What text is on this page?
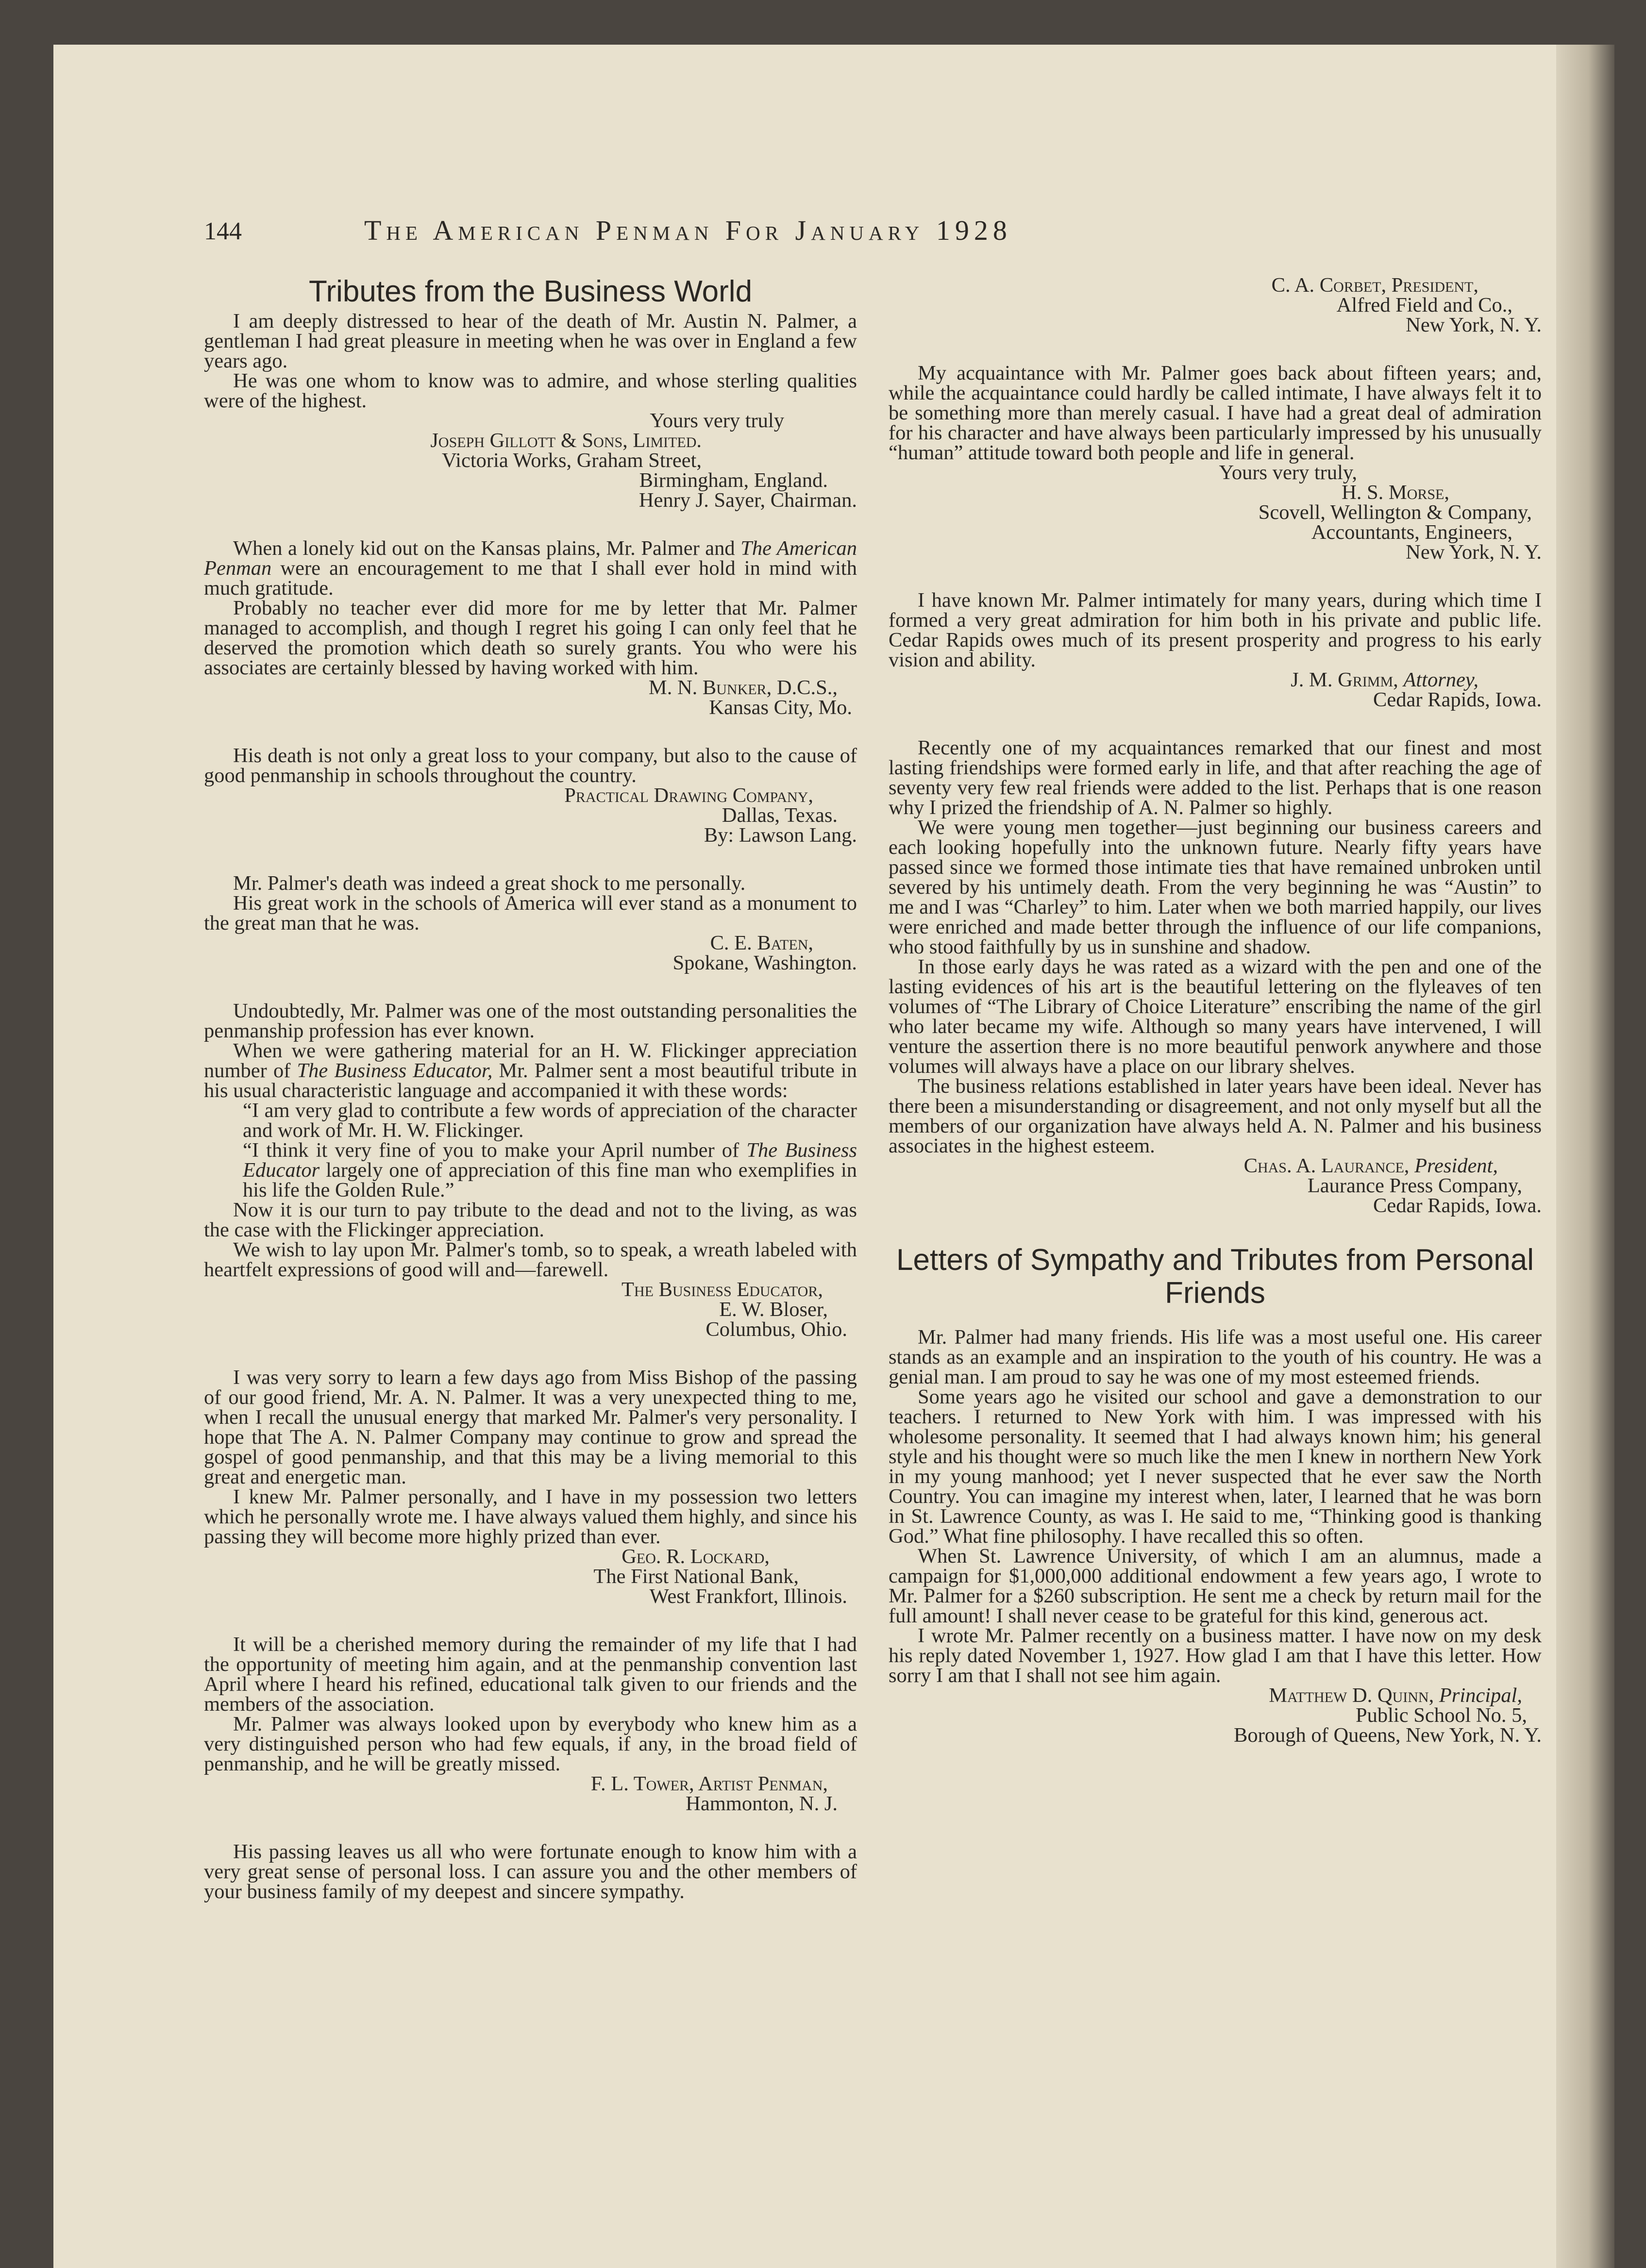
144	The American Penman For January 1928
Tributes from the Business World

I am deeply distressed to hear of the death of Mr. Austin N. Palmer, a gentleman I had great pleasure in meeting when he was over in England a few years ago.

He was one whom to know was to admire, and whose sterling qualities were of the highest.

Yours very truly

Joseph Gillott & Sons, Limited.

Victoria Works, Graham Street,

Birmingham, England.

Henry J. Sayer, Chairman.

When a lonely kid out on the Kansas plains, Mr. Palmer and The American Penman were an encouragement to me that I shall ever hold in mind with much gratitude.

Probably no teacher ever did more for me by letter that Mr. Palmer managed to accomplish, and though I regret his going I can only feel that he deserved the promotion which death so surely grants. You who were his associates are certainly blessed by having worked with him.

M. N. Bunker, D.C.S.,

Kansas City, Mo.

His death is not only a great loss to your company, but also to the cause of good penmanship in schools throughout the country.

Practical Drawing Company,

Dallas, Texas.

By: Lawson Lang.

Mr. Palmer's death was indeed a great shock to me personally.

His great work in the schools of America will ever stand as a monument to the great man that he was.

C. E. Baten,

Spokane, Washington.

Undoubtedly, Mr. Palmer was one of the most outstanding personalities the penmanship profession has ever known.

When we were gathering material for an H. W. Flickinger appreciation number of The Business Educator, Mr. Palmer sent a most beautiful tribute in his usual characteristic language and accompanied it with these words:

“I am very glad to contribute a few words of appreciation of the character and work of Mr. H. W. Flickinger.

“I think it very fine of you to make your April number of The Business Educator largely one of appreciation of this fine man who exemplifies in his life the Golden Rule.”

Now it is our turn to pay tribute to the dead and not to the living, as was the case with the Flickinger appreciation.

We wish to lay upon Mr. Palmer's tomb, so to speak, a wreath labeled with heartfelt expressions of good will and—farewell.

The Business Educator,

E. W. Bloser,

Columbus, Ohio.

I was very sorry to learn a few days ago from Miss Bishop of the passing of our good friend, Mr. A. N. Palmer. It was a very unexpected thing to me, when I recall the unusual energy that marked Mr. Palmer's very personality. I hope that The A. N. Palmer Company may continue to grow and spread the gospel of good penmanship, and that this may be a living memorial to this great and energetic man.

I knew Mr. Palmer personally, and I have in my possession two letters which he personally wrote me. I have always valued them highly, and since his passing they will become more highly prized than ever.

Geo. R. Lockard,

The First National Bank,

West Frankfort, Illinois.

It will be a cherished memory during the remainder of my life that I had the opportunity of meeting him again, and at the penmanship convention last April where I heard his refined, educational talk given to our friends and the members of the association.

Mr. Palmer was always looked upon by everybody who knew him as a very distinguished person who had few equals, if any, in the broad field of penmanship, and he will be greatly missed.

F. L. Tower, Artist Penman,

Hammonton, N. J.

His passing leaves us all who were fortunate enough to know him with a very great sense of personal loss. I can assure you and the other members of your business family of my deepest and sincere sympathy.

C. A. Corbet, President,

Alfred Field and Co.,

New York, N. Y.

My acquaintance with Mr. Palmer goes back about fifteen years; and, while the acquaintance could hardly be called intimate, I have always felt it to be something more than merely casual. I have had a great deal of admiration for his character and have always been particularly impressed by his unusually “human” attitude toward both people and life in general.

Yours very truly,

H. S. Morse,

Scovell, Wellington & Company,

Accountants, Engineers,

New York, N. Y.

I have known Mr. Palmer intimately for many years, during which time I formed a very great admiration for him both in his private and public life. Cedar Rapids owes much of its present prosperity and progress to his early vision and ability.

J. M. Grimm, Attorney,

Cedar Rapids, Iowa.

Recently one of my acquaintances remarked that our finest and most lasting friendships were formed early in life, and that after reaching the age of seventy very few real friends were added to the list. Perhaps that is one reason why I prized the friendship of A. N. Palmer so highly.

We were young men together—just beginning our business careers and each looking hopefully into the unknown future. Nearly fifty years have passed since we formed those intimate ties that have remained unbroken until severed by his untimely death. From the very beginning he was “Austin” to me and I was “Charley” to him. Later when we both married happily, our lives were enriched and made better through the influence of our life companions, who stood faithfully by us in sunshine and shadow.

In those early days he was rated as a wizard with the pen and one of the lasting evidences of his art is the beautiful lettering on the flyleaves of ten volumes of “The Library of Choice Literature” enscribing the name of the girl who later became my wife. Although so many years have intervened, I will venture the assertion there is no more beautiful penwork anywhere and those volumes will always have a place on our library shelves.

The business relations established in later years have been ideal. Never has there been a misunderstanding or disagreement, and not only myself but all the members of our organization have always held A. N. Palmer and his business associates in the highest esteem.

Chas. A. Laurance, President,

Laurance Press Company,

Cedar Rapids, Iowa.

Letters of Sympathy and Tributes from Personal Friends

Mr. Palmer had many friends. His life was a most useful one. His career stands as an example and an inspiration to the youth of his country. He was a genial man. I am proud to say he was one of my most esteemed friends.

Some years ago he visited our school and gave a demonstration to our teachers. I returned to New York with him. I was impressed with his wholesome personality. It seemed that I had always known him; his general style and his thought were so much like the men I knew in northern New York in my young manhood; yet I never suspected that he ever saw the North Country. You can imagine my interest when, later, I learned that he was born in St. Lawrence County, as was I. He said to me, “Thinking good is thanking God.” What fine philosophy. I have recalled this so often.

When St. Lawrence University, of which I am an alumnus, made a campaign for $1,000,000 additional endowment a few years ago, I wrote to Mr. Palmer for a $260 subscription. He sent me a check by return mail for the full amount! I shall never cease to be grateful for this kind, generous act.

I wrote Mr. Palmer recently on a business matter. I have now on my desk his reply dated November 1, 1927. How glad I am that I have this letter. How sorry I am that I shall not see him again.

Matthew D. Quinn, Principal,

Public School No. 5,

Borough of Queens, New York, N. Y.
